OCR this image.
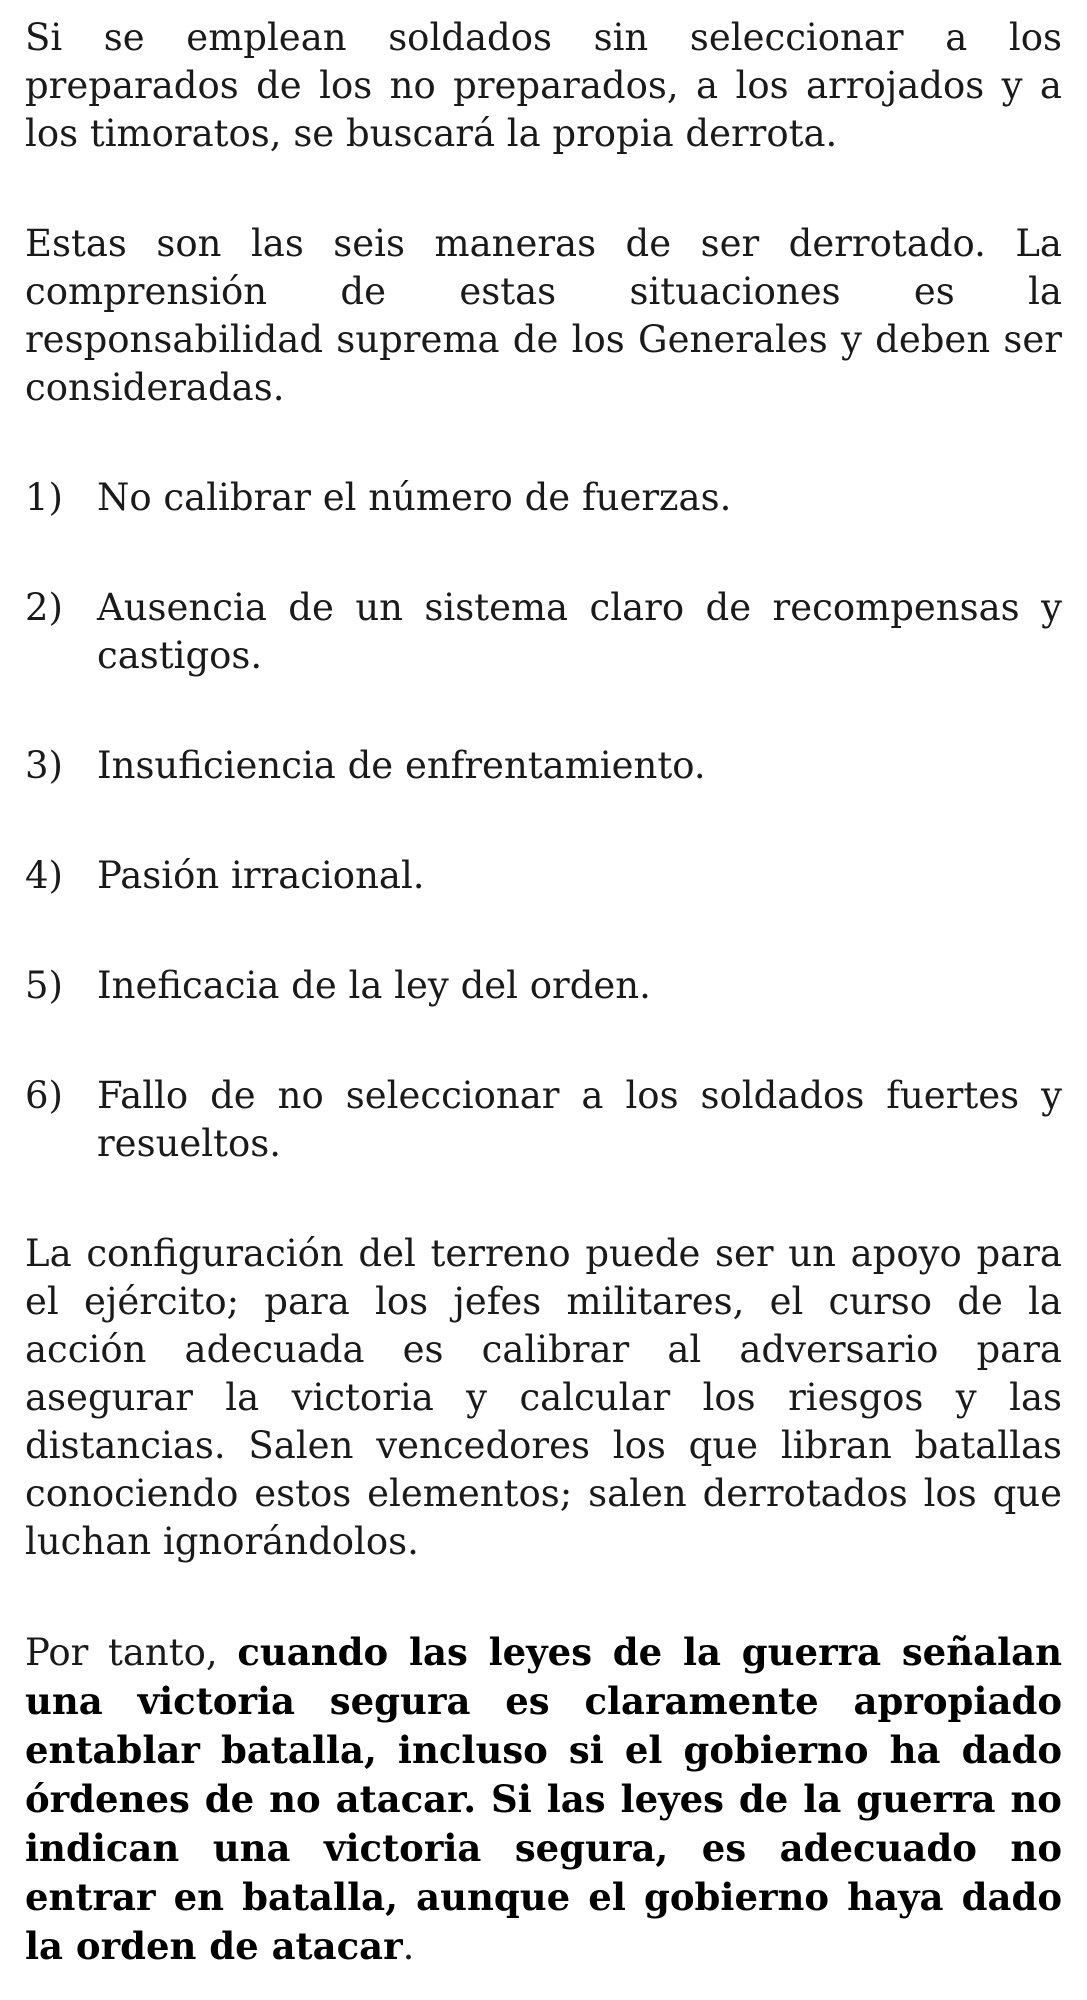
Si se emplean soldados sin seleccionar a los preparados de los no preparados, a los arrojados y a los timoratos, se buscará la propia derrota.

Estas son las seis maneras de ser derrotado. La comprensión de estas situaciones es la responsabilidad suprema de los Generales y deben ser consideradas.

1) No calibrar el número de fuerzas.
2) Ausencia de un sistema claro de recompensas y castigos.
3) Insuficiencia de enfrentamiento.
4) Pasión irracional.
5) Ineficacia de la ley del orden.
6) Fallo de no seleccionar a los soldados fuertes y resueltos.

La configuración del terreno puede ser un apoyo para el ejército; para los jefes militares, el curso de la acción adecuada es calibrar al adversario para asegurar la victoria y calcular los riesgos y las distancias. Salen vencedores los que libran batallas conociendo estos elementos; salen derrotados los que luchan ignorándolos.

Por tanto, cuando las leyes de la guerra señalan una victoria segura es claramente apropiado entablar batalla, incluso si el gobierno ha dado órdenes de no atacar. Si las leyes de la guerra no indican una victoria segura, es adecuado no entrar en batalla, aunque el gobierno haya dado la orden de atacar.
